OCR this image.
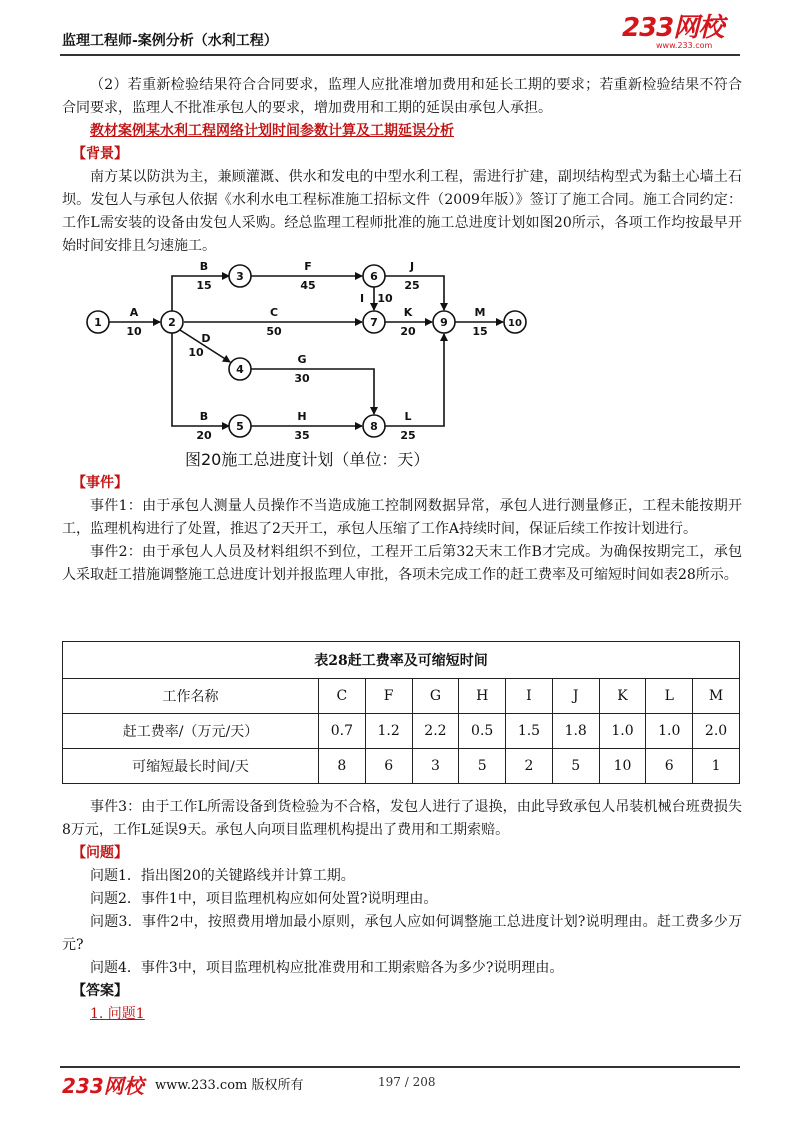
监理工程师-案例分析（水利工程）	233网校
www.233.com

（2）若重新检验结果符合合同要求，监理人应批准增加费用和延长工期的要求；若重新检验结果不符合合同要求，监理人不批准承包人的要求，增加费用和工期的延误由承包人承担。

教材案例某水利工程网络计划时间参数计算及工期延误分析

【背景】

南方某以防洪为主，兼顾灌溉、供水和发电的中型水利工程，需进行扩建，副坝结构型式为黏土心墙土石坝。发包人与承包人依据《水利水电工程标准施工招标文件（2009年版）》签订了施工合同。施工合同约定：工作L需安装的设备由发包人采购。经总监理工程师批准的施工总进度计划如图20所示，各项工作均按最早开始时间安排且匀速施工。

A
10
B
15
F
45
J
25
I 10
C
50
K
20
M
15
D
10
G
30
B
20
H
35
L
25
1	2
3	6
7	9	10
4
5	8
图20施工总进度计划（单位：天）

【事件】

事件1：由于承包人测量人员操作不当造成施工控制网数据异常，承包人进行测量修正，工程未能按期开工，监理机构进行了处置，推迟了2天开工，承包人压缩了工作A持续时间，保证后续工作按计划进行。

事件2：由于承包人人员及材料组织不到位，工程开工后第32天末工作B才完成。为确保按期完工，承包人采取赶工措施调整施工总进度计划并报监理人审批，各项未完成工作的赶工费率及可缩短时间如表28所示。

表28赶工费率及可缩短时间									
工作名称	C	F	G	H	I	J	K	L	M
赶工费率/（万元/天）	0.7	1.2	2.2	0.5	1.5	1.8	1.0	1.0	2.0
可缩短最长时间/天	8	6	3	5	2	5	10	6	1

事件3：由于工作L所需设备到货检验为不合格，发包人进行了退换，由此导致承包人吊装机械台班费损失8万元，工作L延误9天。承包人向项目监理机构提出了费用和工期索赔。

【问题】

问题1．指出图20的关键路线并计算工期。

问题2．事件1中，项目监理机构应如何处置?说明理由。

问题3．事件2中，按照费用增加最小原则，承包人应如何调整施工总进度计划?说明理由。赶工费多少万元?

问题4．事件3中，项目监理机构应批准费用和工期索赔各为多少?说明理由。

【答案】

1. 问题1

233网校 www.233.com 版权所有	197 / 208
